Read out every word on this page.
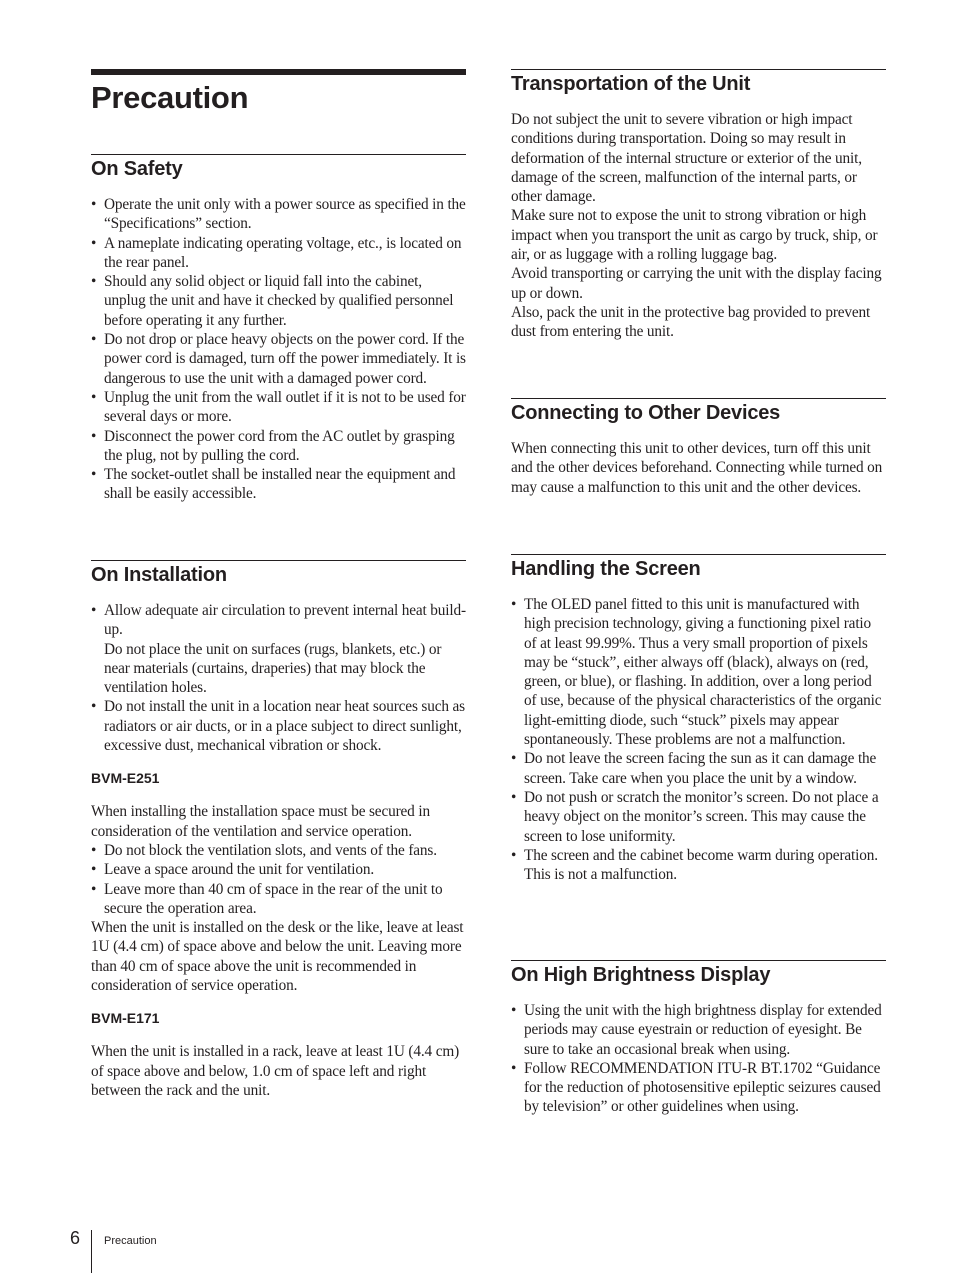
Precaution
On Safety
• Operate the unit only with a power source as specified in the “Specifications” section.
• A nameplate indicating operating voltage, etc., is located on the rear panel.
• Should any solid object or liquid fall into the cabinet, unplug the unit and have it checked by qualified personnel before operating it any further.
• Do not drop or place heavy objects on the power cord. If the power cord is damaged, turn off the power immediately. It is dangerous to use the unit with a damaged power cord.
• Unplug the unit from the wall outlet if it is not to be used for several days or more.
• Disconnect the power cord from the AC outlet by grasping the plug, not by pulling the cord.
• The socket-outlet shall be installed near the equipment and shall be easily accessible.
On Installation

• Allow adequate air circulation to prevent internal heat build-up.

Do not place the unit on surfaces (rugs, blankets, etc.) or near materials (curtains, draperies) that may block the ventilation holes.

• Do not install the unit in a location near heat sources such as radiators or air ducts, or in a place subject to direct sunlight, excessive dust, mechanical vibration or shock.
BVM-E251

When installing the installation space must be secured in consideration of the ventilation and service operation.

• Do not block the ventilation slots, and vents of the fans.
• Leave a space around the unit for ventilation.
• Leave more than 40 cm of space in the rear of the unit to secure the operation area.

When the unit is installed on the desk or the like, leave at least 1U (4.4 cm) of space above and below the unit. Leaving more than 40 cm of space above the unit is recommended in consideration of service operation.

BVM-E171

When the unit is installed in a rack, leave at least 1U (4.4 cm) of space above and below, 1.0 cm of space left and right between the rack and the unit.

Transportation of the Unit

Do not subject the unit to severe vibration or high impact conditions during transportation. Doing so may result in deformation of the internal structure or exterior of the unit, damage of the screen, malfunction of the internal parts, or other damage.

Make sure not to expose the unit to strong vibration or high impact when you transport the unit as cargo by truck, ship, or air, or as luggage with a rolling luggage bag.

Avoid transporting or carrying the unit with the display facing up or down.

Also, pack the unit in the protective bag provided to prevent dust from entering the unit.

Connecting to Other Devices

When connecting this unit to other devices, turn off this unit and the other devices beforehand. Connecting while turned on may cause a malfunction to this unit and the other devices.

Handling the Screen
• The OLED panel fitted to this unit is manufactured with high precision technology, giving a functioning pixel ratio of at least 99.99%. Thus a very small proportion of pixels may be “stuck”, either always off (black), always on (red, green, or blue), or flashing. In addition, over a long period of use, because of the physical characteristics of the organic light-emitting diode, such “stuck” pixels may appear spontaneously. These problems are not a malfunction.
• Do not leave the screen facing the sun as it can damage the screen. Take care when you place the unit by a window.
• Do not push or scratch the monitor’s screen. Do not place a heavy object on the monitor’s screen. This may cause the screen to lose uniformity.
• The screen and the cabinet become warm during operation. This is not a malfunction.
On High Brightness Display
• Using the unit with the high brightness display for extended periods may cause eyestrain or reduction of eyesight. Be sure to take an occasional break when using.
• Follow RECOMMENDATION ITU-R BT.1702 “Guidance for the reduction of photosensitive epileptic seizures caused by television” or other guidelines when using.
6 Precaution
